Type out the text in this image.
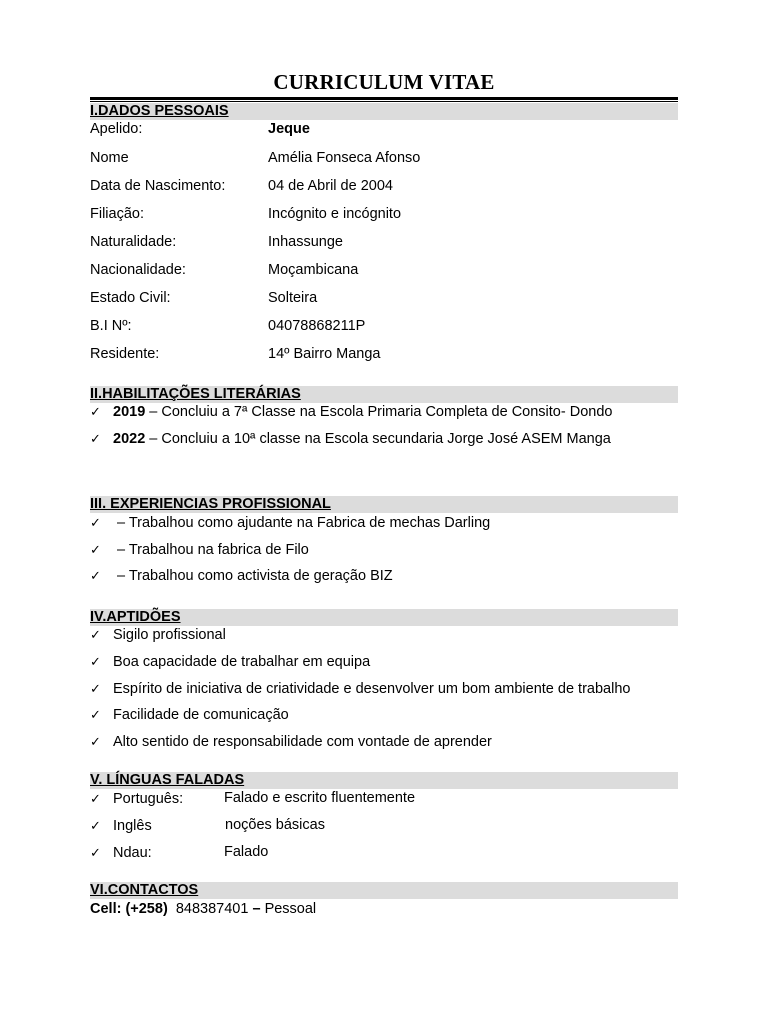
CURRICULUM VITAE
I.DADOS PESSOAIS
Apelido:	Jeque
Nome	Amélia Fonseca Afonso
Data de Nascimento:	04 de Abril de 2004
Filiação:	Incógnito e incógnito
Naturalidade:	Inhassunge
Nacionalidade:	Moçambicana
Estado Civil:	Solteira
B.I Nº:	04078868211P
Residente:	14º Bairro Manga
II.HABILITAÇÕES LITERÁRIAS
✓ 2019 – Concluiu a 7ª Classe na Escola Primaria Completa de Consito- Dondo
✓ 2022 – Concluiu a 10ª classe na Escola secundaria Jorge José ASEM Manga
III. EXPERIENCIAS PROFISSIONAL
✓ – Trabalhou como ajudante na Fabrica de mechas Darling
✓ – Trabalhou na fabrica de Filo
✓ – Trabalhou como activista de geração BIZ
IV.APTIDÕES
✓ Sigilo profissional
✓ Boa capacidade de trabalhar em equipa
✓ Espírito de iniciativa de criatividade e desenvolver um bom ambiente de trabalho
✓ Facilidade de comunicação
✓ Alto sentido de responsabilidade com vontade de aprender
V. LÍNGUAS FALADAS
✓ Português:	Falado e escrito fluentemente
✓ Inglês	noções básicas
✓ Ndau:	Falado
VI.CONTACTOS
Cell: (+258) 848387401 – Pessoal
